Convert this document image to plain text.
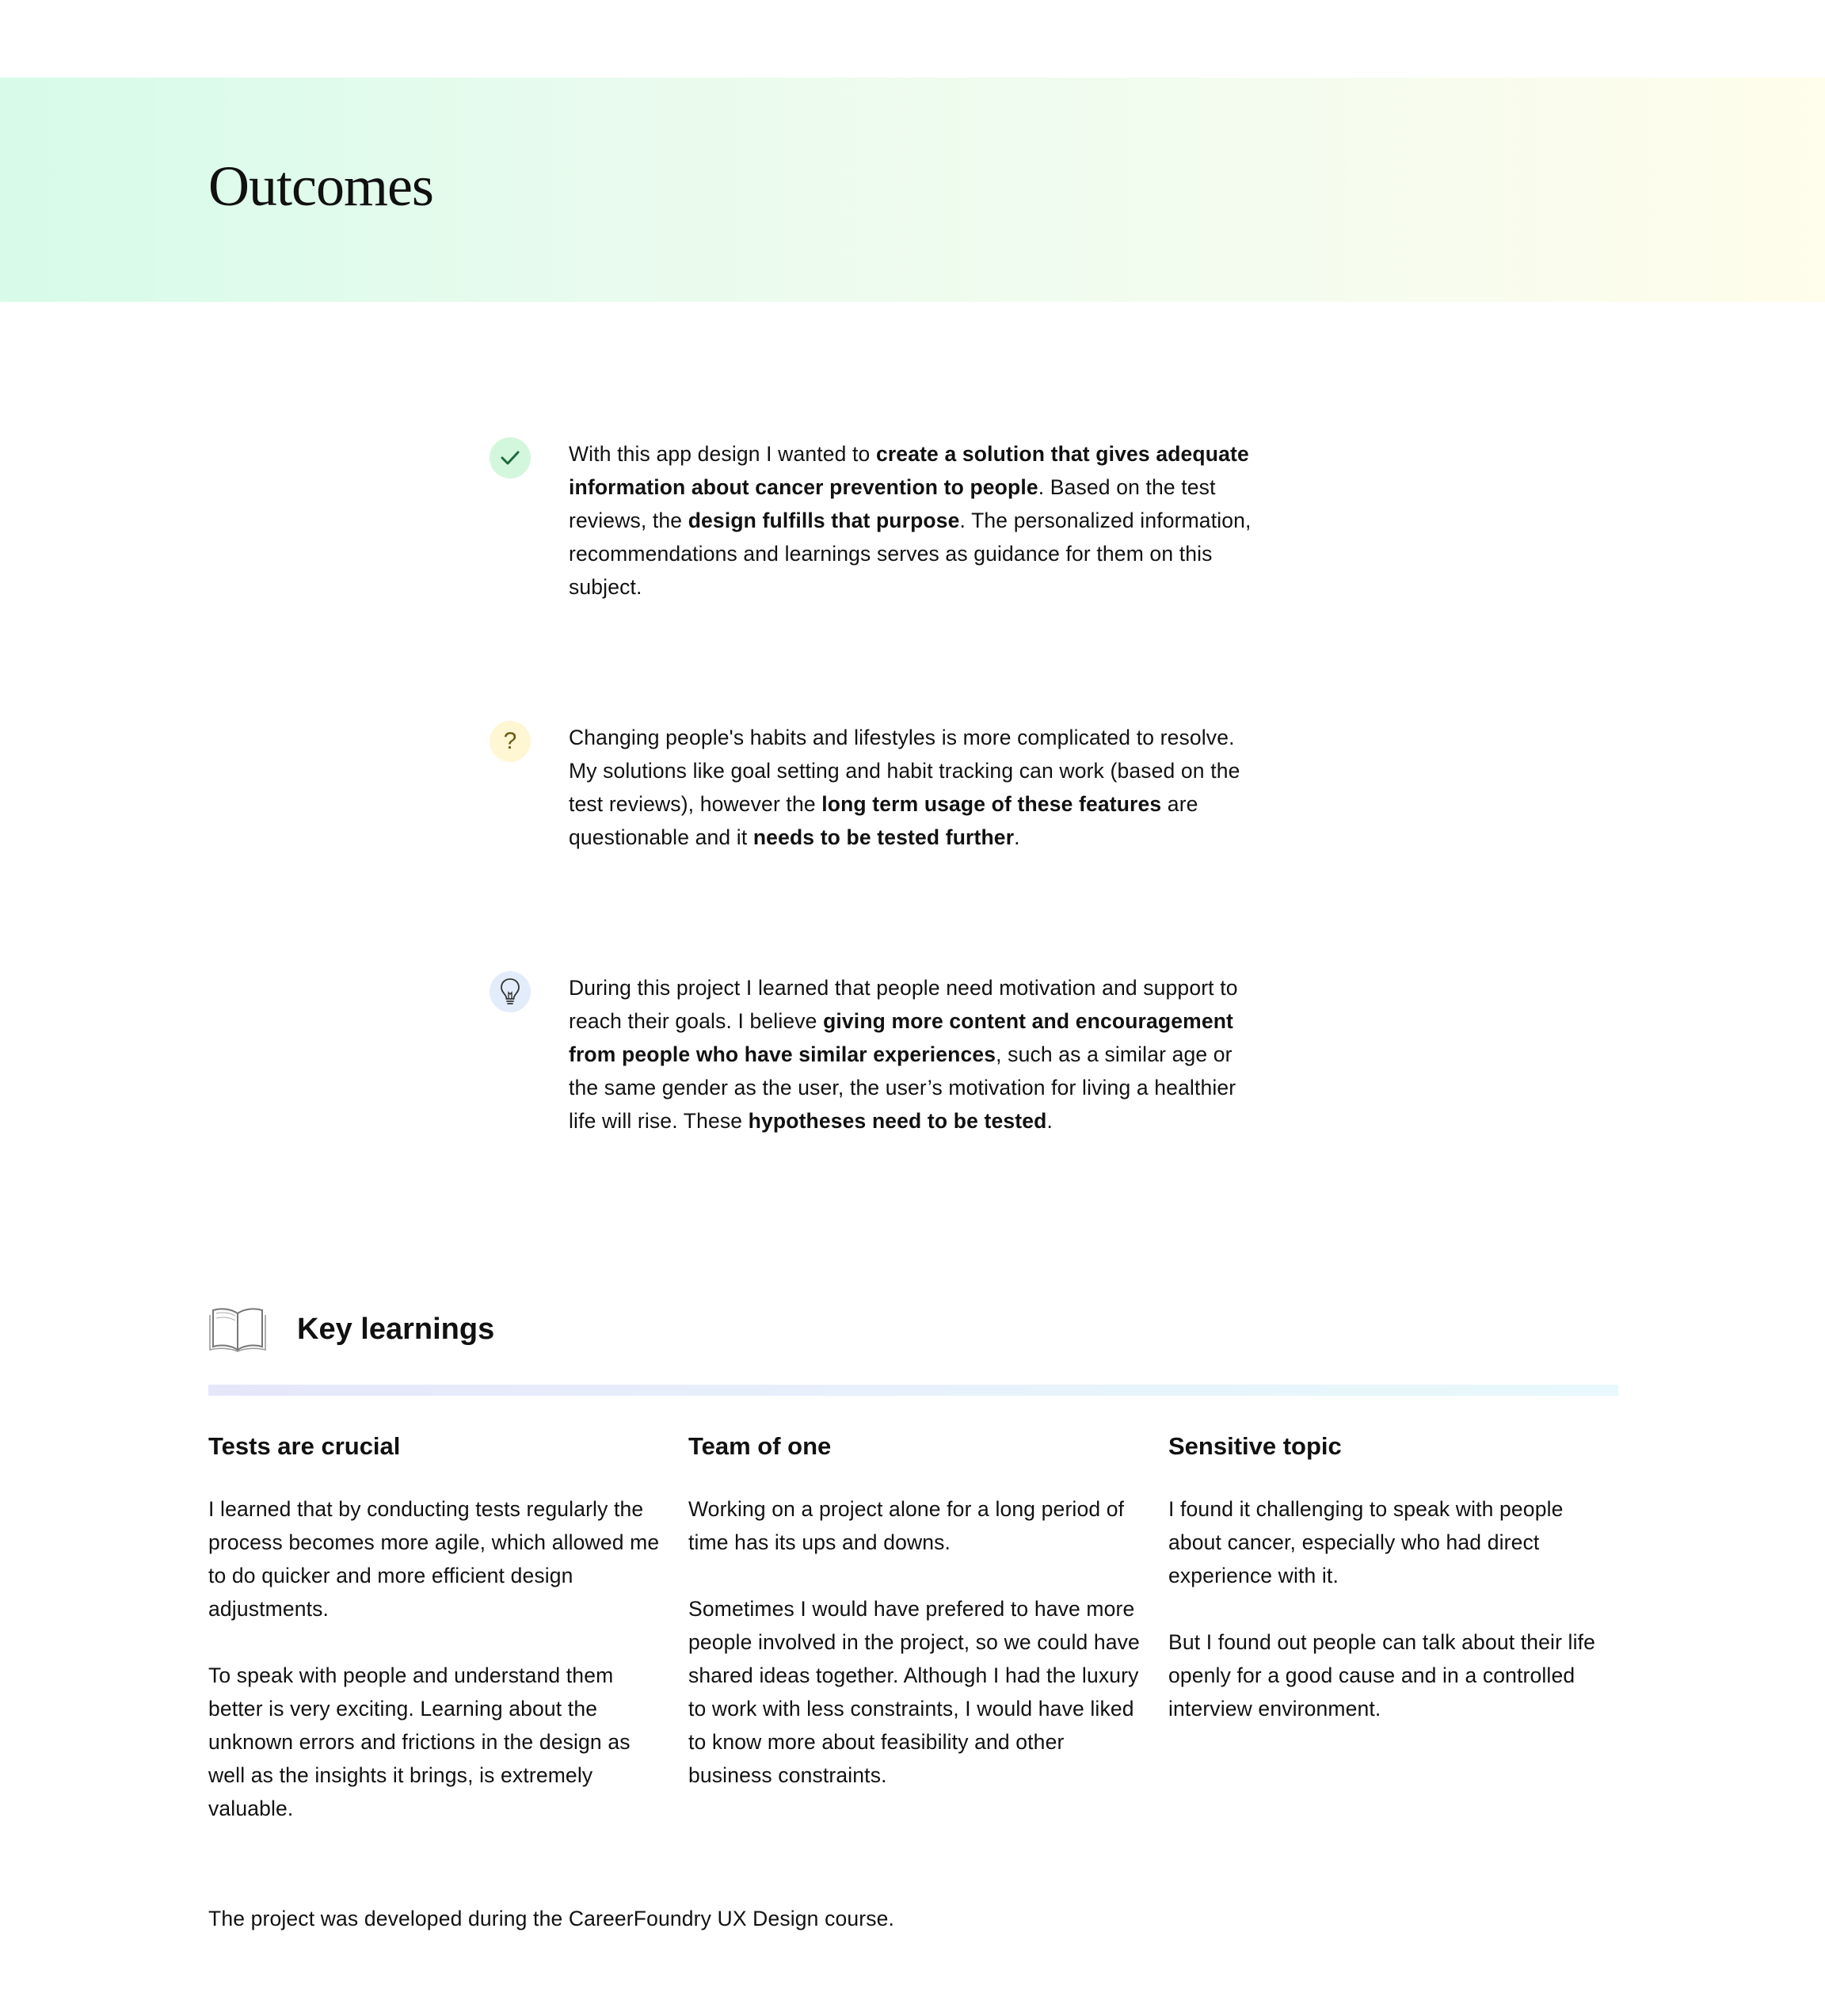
Outcomes
With this app design I wanted to create a solution that gives adequate information about cancer prevention to people. Based on the test reviews, the design fulfills that purpose. The personalized information, recommendations and learnings serves as guidance for them on this subject.
? Changing people's habits and lifestyles is more complicated to resolve. My solutions like goal setting and habit tracking can work (based on the test reviews), however the long term usage of these features are questionable and it needs to be tested further.
During this project I learned that people need motivation and support to reach their goals. I believe giving more content and encouragement from people who have similar experiences, such as a similar age or the same gender as the user, the user’s motivation for living a healthier life will rise. These hypotheses need to be tested.
Key learnings
Tests are crucial

I learned that by conducting tests regularly the process becomes more agile, which allowed me to do quicker and more efficient design adjustments.

To speak with people and understand them better is very exciting. Learning about the unknown errors and frictions in the design as well as the insights it brings, is extremely valuable.

Team of one

Working on a project alone for a long period of time has its ups and downs.

Sometimes I would have prefered to have more people involved in the project, so we could have shared ideas together. Although I had the luxury to work with less constraints, I would have liked to know more about feasibility and other business constraints.

Sensitive topic

I found it challenging to speak with people about cancer, especially who had direct experience with it.

But I found out people can talk about their life openly for a good cause and in a controlled interview environment.

The project was developed during the CareerFoundry UX Design course.
